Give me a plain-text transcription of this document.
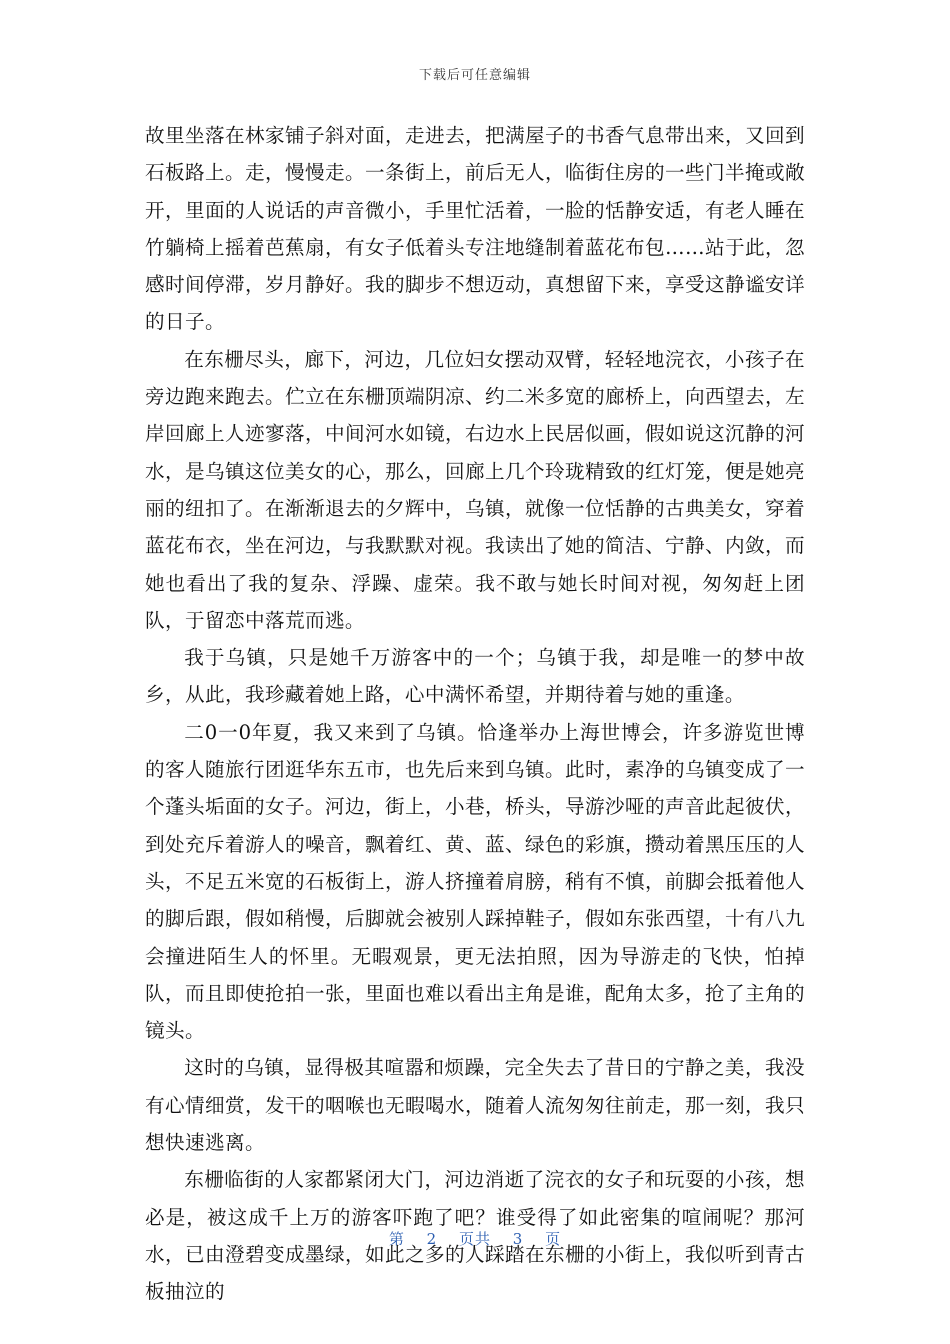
下载后可任意编辑

故里坐落在林家铺子斜对面，走进去，把满屋子的书香气息带出来，又回到石板路上。走，慢慢走。一条街上，前后无人，临街住房的一些门半掩或敞开，里面的人说话的声音微小，手里忙活着，一脸的恬静安适，有老人睡在竹躺椅上摇着芭蕉扇，有女子低着头专注地缝制着蓝花布包……站于此，忽感时间停滞，岁月静好。我的脚步不想迈动，真想留下来，享受这静谧安详的日子。

在东栅尽头，廊下，河边，几位妇女摆动双臂，轻轻地浣衣，小孩子在旁边跑来跑去。伫立在东栅顶端阴凉、约二米多宽的廊桥上，向西望去，左岸回廊上人迹寥落，中间河水如镜，右边水上民居似画，假如说这沉静的河水，是乌镇这位美女的心，那么，回廊上几个玲珑精致的红灯笼，便是她亮丽的纽扣了。在渐渐退去的夕辉中，乌镇，就像一位恬静的古典美女，穿着蓝花布衣，坐在河边，与我默默对视。我读出了她的简洁、宁静、内敛，而她也看出了我的复杂、浮躁、虚荣。我不敢与她长时间对视，匆匆赶上团队，于留恋中落荒而逃。

我于乌镇，只是她千万游客中的一个；乌镇于我，却是唯一的梦中故乡，从此，我珍藏着她上路，心中满怀希望，并期待着与她的重逢。

二0一0年夏，我又来到了乌镇。恰逢举办上海世博会，许多游览世博的客人随旅行团逛华东五市，也先后来到乌镇。此时，素净的乌镇变成了一个蓬头垢面的女子。河边，街上，小巷，桥头，导游沙哑的声音此起彼伏，到处充斥着游人的噪音，飘着红、黄、蓝、绿色的彩旗，攒动着黑压压的人头，不足五米宽的石板街上，游人挤撞着肩膀，稍有不慎，前脚会抵着他人的脚后跟，假如稍慢，后脚就会被别人踩掉鞋子，假如东张西望，十有八九会撞进陌生人的怀里。无暇观景，更无法拍照，因为导游走的飞快，怕掉队，而且即使抢拍一张，里面也难以看出主角是谁，配角太多，抢了主角的镜头。

这时的乌镇，显得极其喧嚣和烦躁，完全失去了昔日的宁静之美，我没有心情细赏，发干的咽喉也无暇喝水，随着人流匆匆往前走，那一刻，我只想快速逃离。

东栅临街的人家都紧闭大门，河边消逝了浣衣的女子和玩耍的小孩，想必是，被这成千上万的游客吓跑了吧？谁受得了如此密集的喧闹呢？那河水，已由澄碧变成墨绿，如此之多的人踩踏在东栅的小街上，我似听到青古板抽泣的

第 2 页共 3 页
